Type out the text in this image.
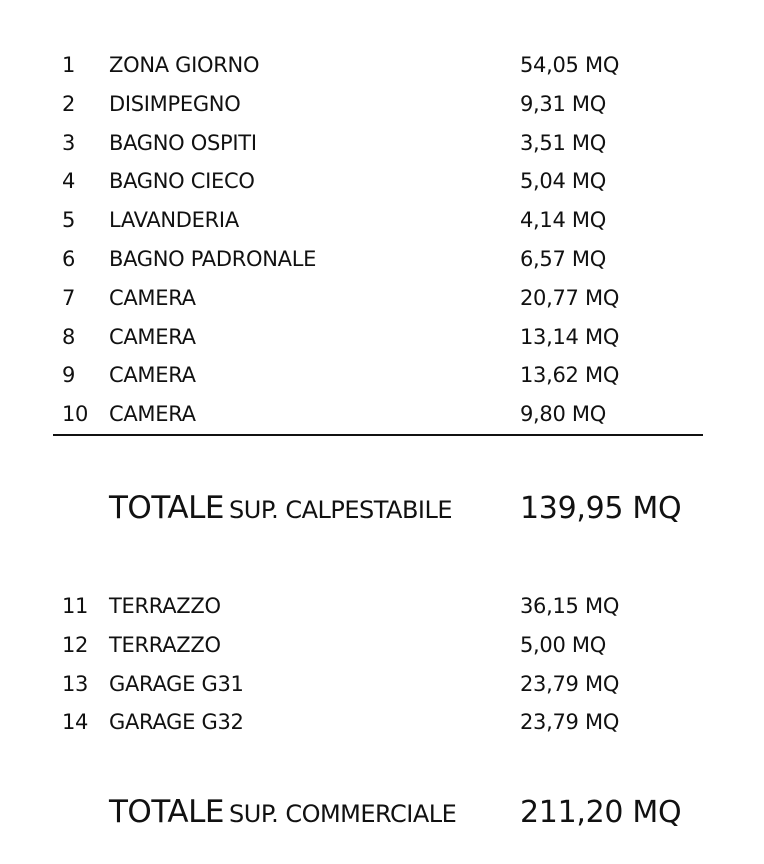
1 ZONA GIORNO	54,05 MQ
2 DISIMPEGNO	9,31 MQ
3 BAGNO OSPITI	3,51 MQ
4 BAGNO CIECO	5,04 MQ
5 LAVANDERIA	4,14 MQ
6 BAGNO PADRONALE	6,57 MQ
7 CAMERA	20,77 MQ
8 CAMERA	13,14 MQ
9 CAMERA	13,62 MQ
10 CAMERA	9,80 MQ
TOTALE SUP. CALPESTABILE 139,95 MQ
11 TERRAZZO	36,15 MQ
12 TERRAZZO	5,00 MQ
13 GARAGE G31	23,79 MQ
14 GARAGE G32	23,79 MQ
TOTALE SUP. COMMERCIALE 211,20 MQ
